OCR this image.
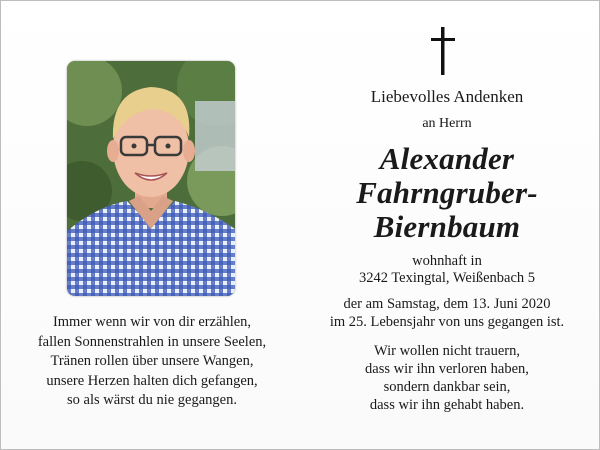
Immer wenn wir von dir erzählen,
fallen Sonnenstrahlen in unsere Seelen,
Tränen rollen über unsere Wangen,
unsere Herzen halten dich gefangen,
so als wärst du nie gegangen.
Liebevolles Andenken
an Herrn
Alexander
Fahrngruber-
Biernbaum
wohnhaft in
3242 Texingtal, Weißenbach 5
der am Samstag, dem 13. Juni 2020
im 25. Lebensjahr von uns gegangen ist.
Wir wollen nicht trauern,
dass wir ihn verloren haben,
sondern dankbar sein,
dass wir ihn gehabt haben.
